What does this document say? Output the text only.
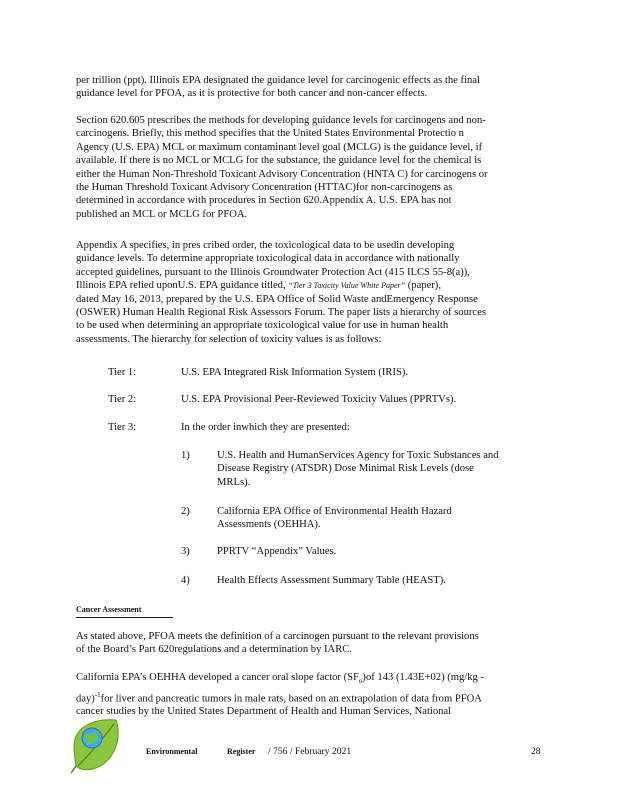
per trillion (ppt). Illinois EPA designated the guidance level for carcinogenic effects as the final
guidance level for PFOA, as it is protective for both cancer and non-cancer effects.

Section 620.605 prescribes the methods for developing guidance levels for carcinogens and non-
carcinogens. Briefly, this method specifies that the United States Environmental Protectio n
Agency (U.S. EPA) MCL or maximum contaminant level goal (MCLG) is the guidance level, if
available. If there is no MCL or MCLG for the substance, the guidance level for the chemical is
either the Human Non-Threshold Toxicant Advisory Concentration (HNTA C) for carcinogens or
the Human Threshold Toxicant Advisory Concentration (HTTAC)for non-carcinogens as
determined in accordance with procedures in Section 620.Appendix A. U.S. EPA has not
published an MCL or MCLG for PFOA.

Appendix A specifies, in pres cribed order, the toxicological data to be usedin developing
guidance levels. To determine appropriate toxicological data in accordance with nationally
accepted guidelines, pursuant to the Illinois Groundwater Protection Act (415 ILCS 55-8(a)),
Illinois EPA relied uponU.S. EPA guidance titled, “Tier 3 Toxicity Value White Paper” (paper),
dated May 16, 2013, prepared by the U.S. EPA Office of Solid Waste andEmergency Response
(OSWER) Human Health Regional Risk Assessors Forum. The paper lists a hierarchy of sources
to be used when determining an appropriate toxicological value for use in human health
assessments. The hierarchy for selection of toxicity values is as follows:

Tier 1:	U.S. EPA Integrated Risk Information System (IRIS).
Tier 2:	U.S. EPA Provisional Peer-Reviewed Toxicity Values (PPRTVs).
Tier 3:	In the order inwhich they are presented:
1)	U.S. Health and HumanServices Agency for Toxic Substances and
Disease Registry (ATSDR) Dose Minimal Risk Levels (dose
MRLs).
2)	California EPA Office of Environmental Health Hazard
Assessments (OEHHA).
3)	PPRTV “Appendix” Values.
4)	Health Effects Assessment Summary Table (HEAST).
Cancer Assessment

As stated above, PFOA meets the definition of a carcinogen pursuant to the relevant provisions
of the Board’s Part 620regulations and a determination by IARC.

California EPA’s OEHHA developed a cancer oral slope factor $(SF_o)of$ 143 (1.43E+02) (mg/kg -
day)$^{-1}$for liver and pancreatic tumors in male rats, based on an extrapolation of data from PFOA
cancer studies by the United States Department of Health and Human Services, National

Environmental	Register / 756 / February 2021	28
